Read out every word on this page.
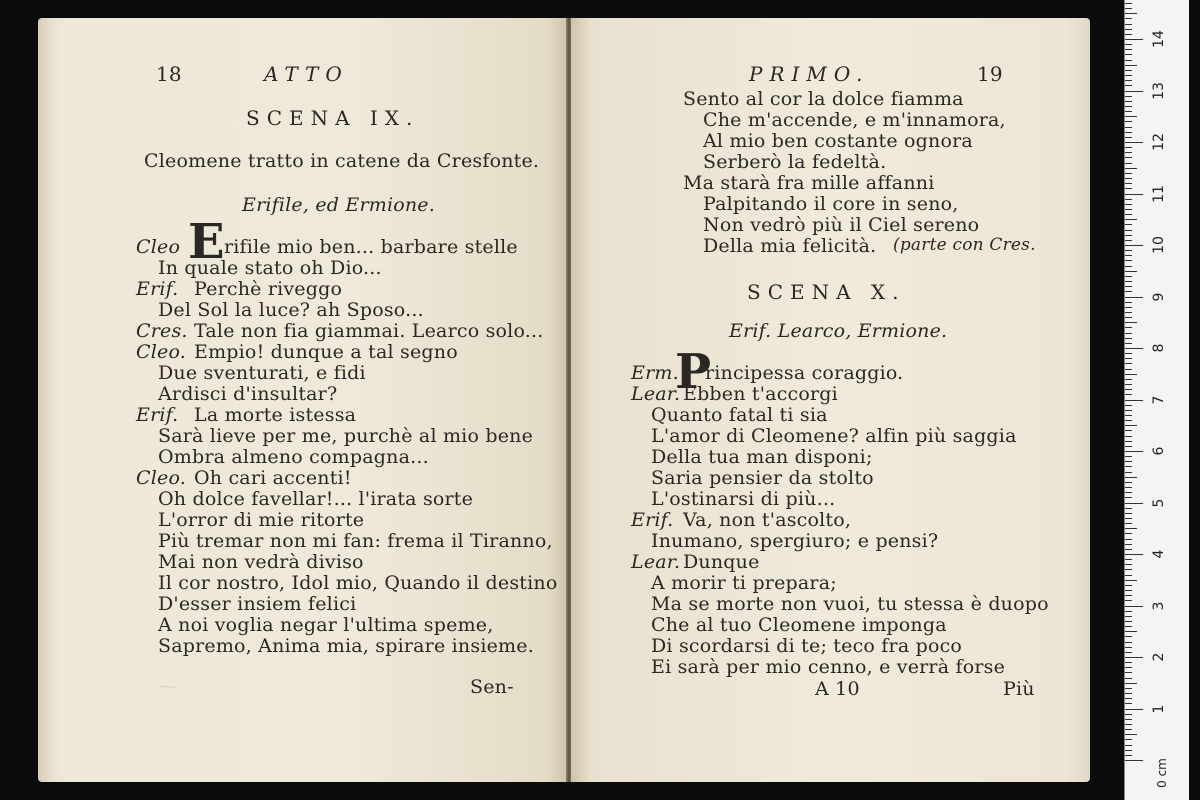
18	ATTO
SCENA IX.
Cleomene tratto in catene da Cresfonte.
Erifile, ed Ermione.
E
Cleo rifile mio ben... barbare stelle
In quale stato oh Dio...
Erif. Perchè riveggo
Del Sol la luce? ah Sposo...
Cres. Tale non fia giammai. Learco solo...
Cleo. Empio! dunque a tal segno
Due sventurati, e fidi
Ardisci d'insultar?
Erif. La morte istessa
Sarà lieve per me, purchè al mio bene
Ombra almeno compagna...
Cleo. Oh cari accenti!
Oh dolce favellar!... l'irata sorte
L'orror di mie ritorte
Più tremar non mi fan: frema il Tiranno,
Mai non vedrà diviso
Il cor nostro, Idol mio, Quando il destino
D'esser insiem felici
A noi voglia negar l'ultima speme,
Sapremo, Anima mia, spirare insieme.
Sen-
⁓
PRIMO.	19
Sento al cor la dolce fiamma
Che m'accende, e m'innamora,
Al mio ben costante ognora
Serberò la fedeltà.
Ma starà fra mille affanni
Palpitando il core in seno,
Non vedrò più il Ciel sereno
Della mia felicità. (parte con Cres.
SCENA X.
Erif. Learco, Ermione.
P
Erm. rincipessa coraggio.
Lear. Ebben t'accorgi
Quanto fatal ti sia
L'amor di Cleomene? alfin più saggia
Della tua man disponi;
Saria pensier da stolto
L'ostinarsi di più...
Erif. Va, non t'ascolto,
Inumano, spergiuro; e pensi?
Lear. Dunque
A morir ti prepara;
Ma se morte non vuoi, tu stessa è duopo
Che al tuo Cleomene imponga
Di scordarsi di te; teco fra poco
Ei sarà per mio cenno, e verrà forse
A 10	Più
0 cm
1
2
3
4
5
6
7
8
9
10
11
12
13
14
